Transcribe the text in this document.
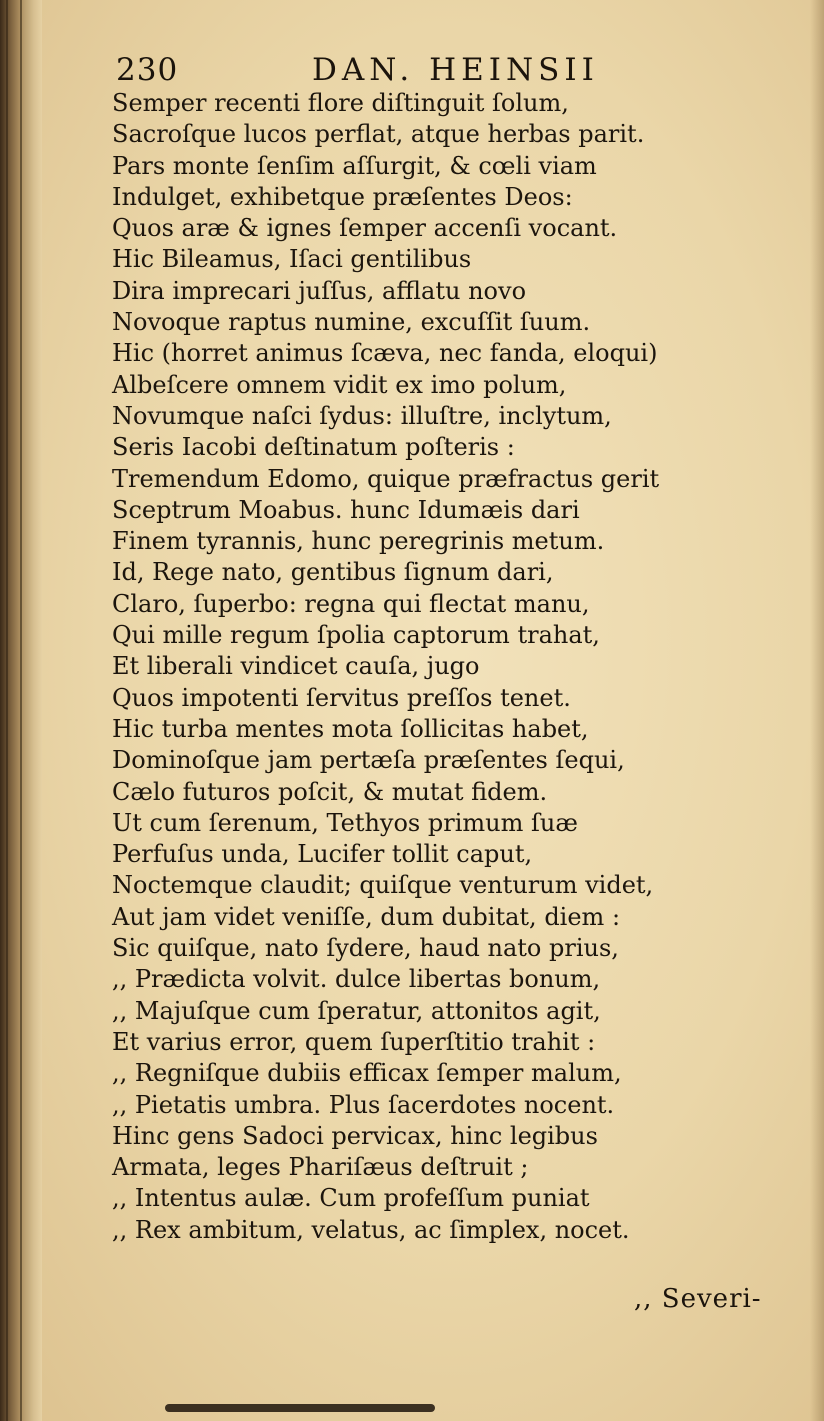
230	DAN. HEINSII
Semper recenti flore diſtinguit ſolum,
Sacroſque lucos perflat, atque herbas parit.
Pars monte ſenſim aſſurgit, & cœli viam
Indulget, exhibetque præſentes Deos:
Quos aræ & ignes ſemper accenſi vocant.
Hic Bileamus, Iſaci gentilibus
Dira imprecari juſſus, afflatu novo
Novoque raptus numine, excuſſit ſuum.
Hic (horret animus ſcæva, nec fanda, eloqui)
Albeſcere omnem vidit ex imo polum,
Novumque naſci ſydus: illuſtre, inclytum,
Seris Iacobi deſtinatum poſteris :
Tremendum Edomo, quique præfractus gerit
Sceptrum Moabus. hunc Idumæis dari
Finem tyrannis, hunc peregrinis metum.
Id, Rege nato, gentibus ſignum dari,
Claro, ſuperbo: regna qui flectat manu,
Qui mille regum ſpolia captorum trahat,
Et liberali vindicet cauſa, jugo
Quos impotenti ſervitus preſſos tenet.
Hic turba mentes mota ſollicitas habet,
Dominoſque jam pertæſa præſentes ſequi,
Cælo futuros poſcit, & mutat fidem.
Ut cum ſerenum, Tethyos primum ſuæ
Perfuſus unda, Lucifer tollit caput,
Noctemque claudit; quiſque venturum videt,
Aut jam videt veniſſe, dum dubitat, diem :
Sic quiſque, nato ſydere, haud nato prius,
,, Prædicta volvit. dulce libertas bonum,
,, Majuſque cum ſperatur, attonitos agit,
Et varius error, quem ſuperſtitio trahit :
,, Regniſque dubiis efficax ſemper malum,
,, Pietatis umbra. Plus ſacerdotes nocent.
Hinc gens Sadoci pervicax, hinc legibus
Armata, leges Phariſæus deſtruit ;
,, Intentus aulæ. Cum profeſſum puniat
,, Rex ambitum, velatus, ac ſimplex, nocet.
,, Severi-
